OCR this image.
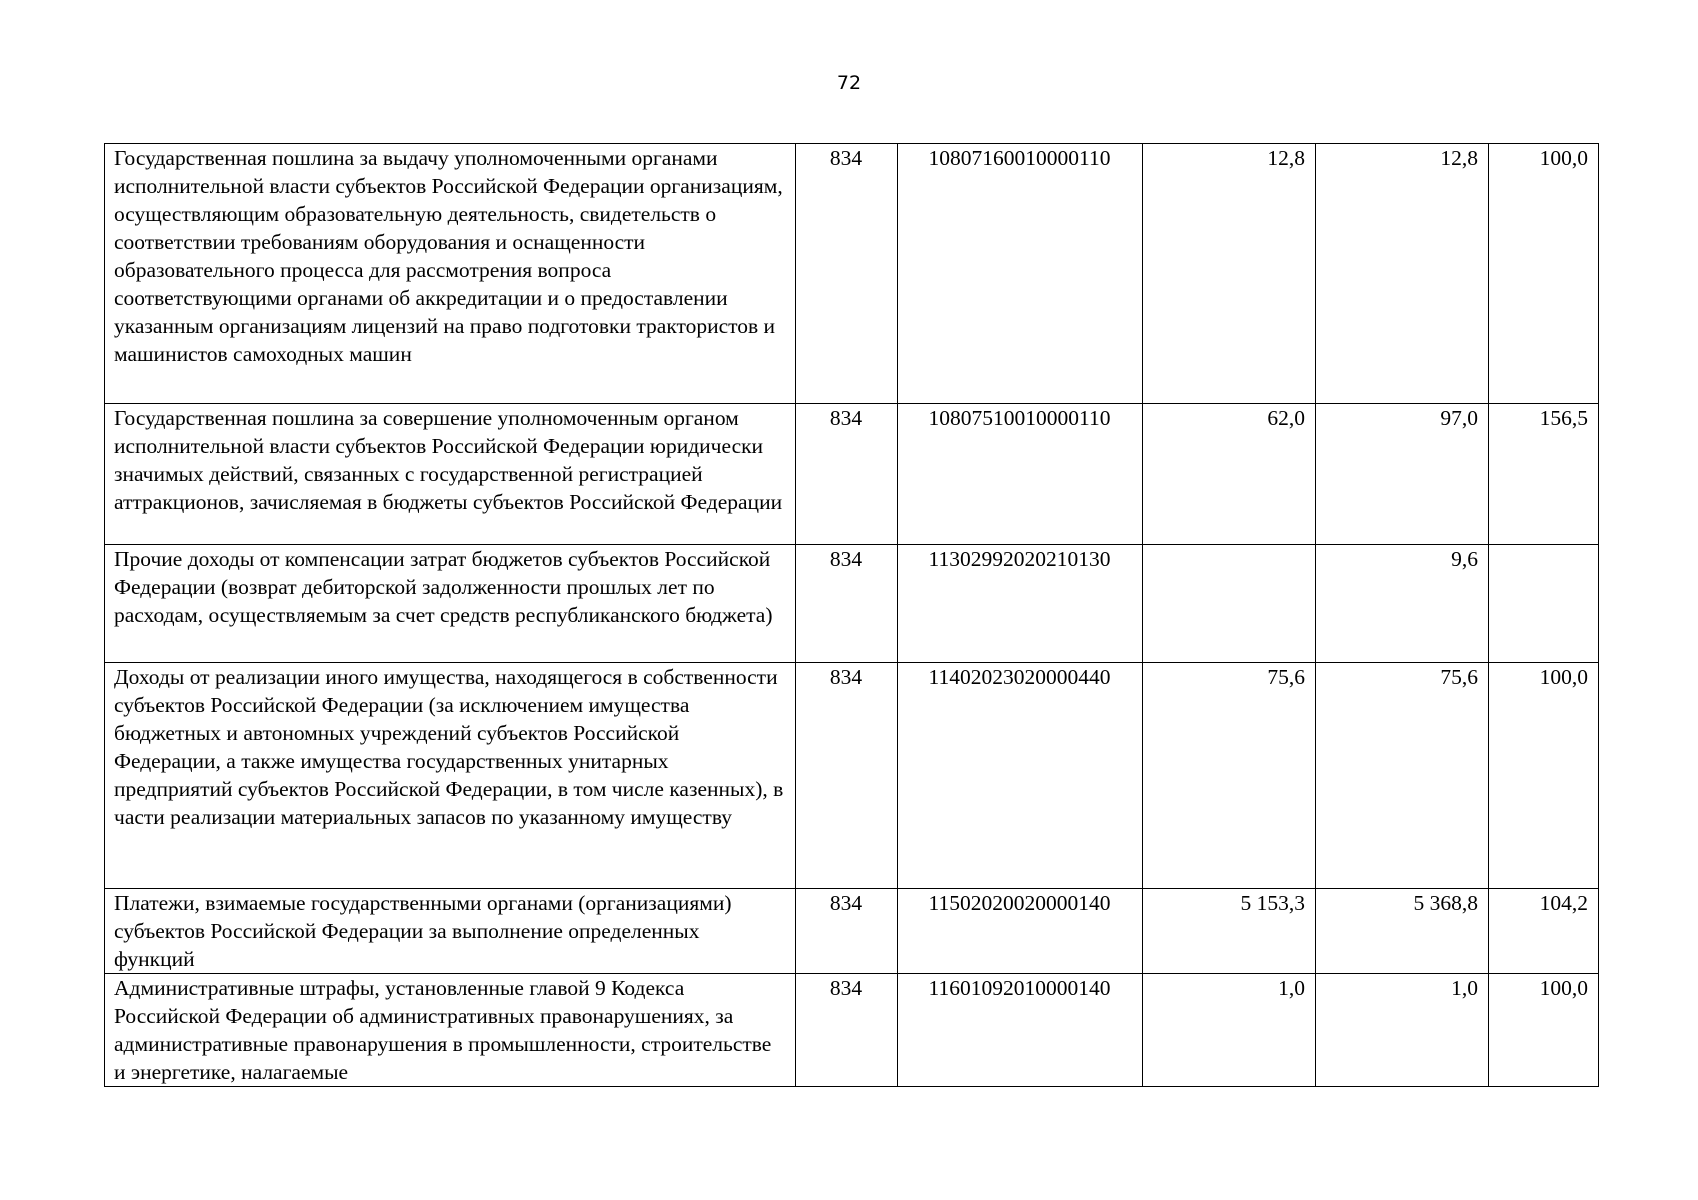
72
Государственная пошлина за выдачу уполномоченными органами исполнительной власти субъектов Российской Федерации организациям, осуществляющим образовательную деятельность, свидетельств о соответствии требованиям оборудования и оснащенности образовательного процесса для рассмотрения вопроса соответствующими органами об аккредитации и о предоставлении указанным организациям лицензий на право подготовки трактористов и машинистов самоходных машин	834	10807160010000110	12,8	12,8	100,0
Государственная пошлина за совершение уполномоченным органом исполнительной власти субъектов Российской Федерации юридически значимых действий, связанных с государственной регистрацией аттракционов, зачисляемая в бюджеты субъектов Российской Федерации	834	10807510010000110	62,0	97,0	156,5
Прочие доходы от компенсации затрат бюджетов субъектов Российской Федерации (возврат дебиторской задолженности прошлых лет по расходам, осуществляемым за счет средств республиканского бюджета)	834	11302992020210130		9,6	
Доходы от реализации иного имущества, находящегося в собственности субъектов Российской Федерации (за исключением имущества бюджетных и автономных учреждений субъектов Российской Федерации, а также имущества государственных унитарных предприятий субъектов Российской Федерации, в том числе казенных), в части реализации материальных запасов по указанному имуществу	834	11402023020000440	75,6	75,6	100,0
Платежи, взимаемые государственными органами (организациями) субъектов Российской Федерации за выполнение определенных функций	834	11502020020000140	5 153,3	5 368,8	104,2
Административные штрафы, установленные главой 9 Кодекса Российской Федерации об административных правонарушениях, за административные правонарушения в промышленности, строительстве и энергетике, налагаемые	834	11601092010000140	1,0	1,0	100,0
